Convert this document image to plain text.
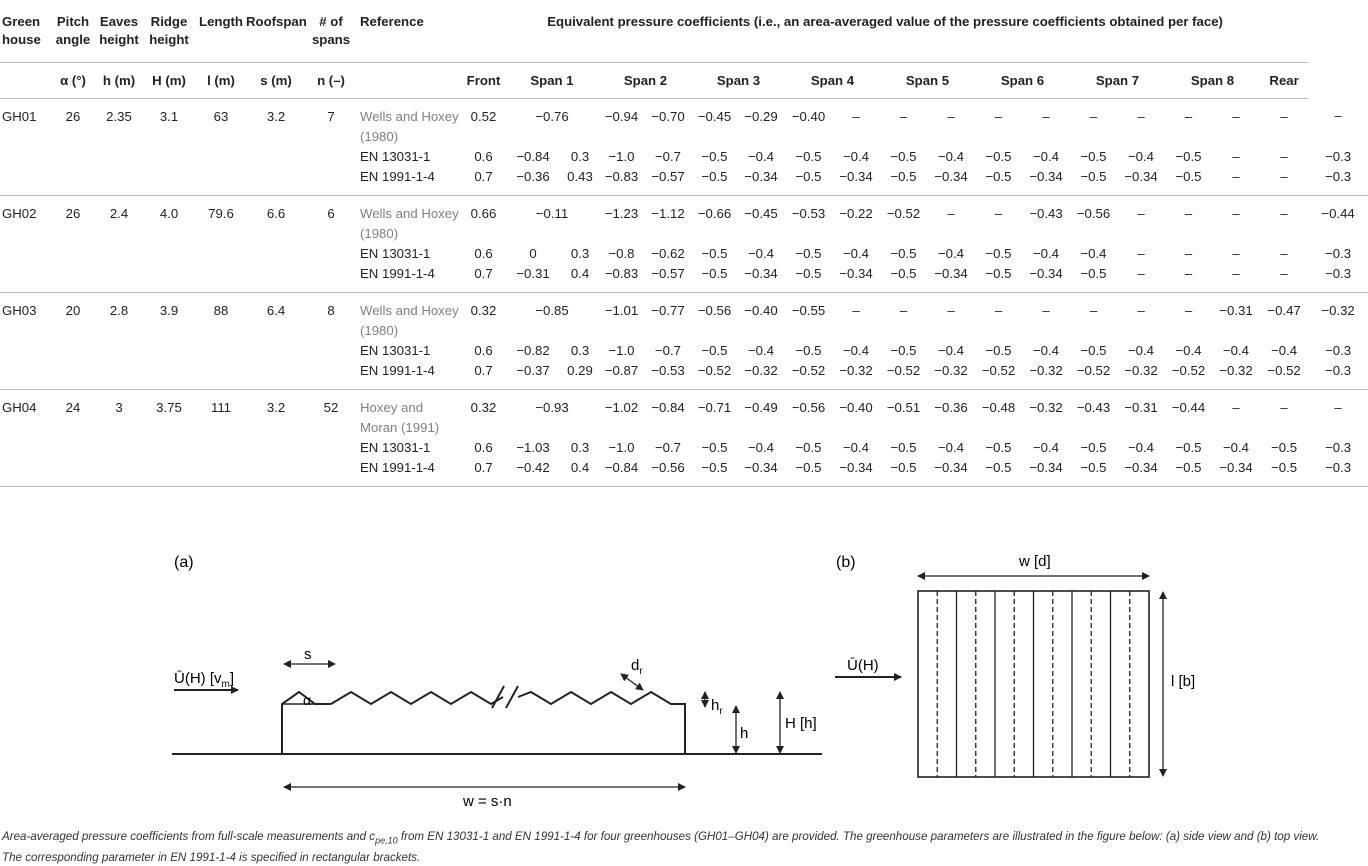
Green house	Pitch angle	Eaves height	Ridge height	Length	Roofspan	# of spans	Reference	Equivalent pressure coefficients (i.e., an area-averaged value of the pressure coefficients obtained per face)																		
	α (°)	h (m)	H (m)	l (m)	s (m)	n (–)		Front	Span 1		Span 2		Span 3		Span 4		Span 5		Span 6		Span 7		Span 8		Rear	
GH01	26	2.35	3.1	63	3.2	7	Wells and Hoxey (1980)	0.52	−0.76		−0.94	−0.70	−0.45	−0.29	−0.40	–	–	–	–	–	–	–	–	–	–	–
							EN 13031-1	0.6	−0.84	0.3	−1.0	−0.7	−0.5	−0.4	−0.5	−0.4	−0.5	−0.4	−0.5	−0.4	−0.5	−0.4	−0.5	–	–	−0.3
							EN 1991-1-4	0.7	−0.36	0.43	−0.83	−0.57	−0.5	−0.34	−0.5	−0.34	−0.5	−0.34	−0.5	−0.34	−0.5	−0.34	−0.5	–	–	−0.3
GH02	26	2.4	4.0	79.6	6.6	6	Wells and Hoxey (1980)	0.66	−0.11		−1.23	−1.12	−0.66	−0.45	−0.53	−0.22	−0.52	–	–	−0.43	−0.56	–	–	–	–	−0.44
							EN 13031-1	0.6	0	0.3	−0.8	−0.62	−0.5	−0.4	−0.5	−0.4	−0.5	−0.4	−0.5	−0.4	−0.4	–	–	–	–	−0.3
							EN 1991-1-4	0.7	−0.31	0.4	−0.83	−0.57	−0.5	−0.34	−0.5	−0.34	−0.5	−0.34	−0.5	−0.34	−0.5	–	–	–	–	−0.3
GH03	20	2.8	3.9	88	6.4	8	Wells and Hoxey (1980)	0.32	−0.85		−1.01	−0.77	−0.56	−0.40	−0.55	–	–	–	–	–	–	–	–	−0.31	−0.47	−0.32
							EN 13031-1	0.6	−0.82	0.3	−1.0	−0.7	−0.5	−0.4	−0.5	−0.4	−0.5	−0.4	−0.5	−0.4	−0.5	−0.4	−0.4	−0.4	−0.4	−0.3
							EN 1991-1-4	0.7	−0.37	0.29	−0.87	−0.53	−0.52	−0.32	−0.52	−0.32	−0.52	−0.32	−0.52	−0.32	−0.52	−0.32	−0.52	−0.32	−0.52	−0.3
GH04	24	3	3.75	111	3.2	52	Hoxey and Moran (1991)	0.32	−0.93		−1.02	−0.84	−0.71	−0.49	−0.56	−0.40	−0.51	−0.36	−0.48	−0.32	−0.43	−0.31	−0.44	–	–	–
							EN 13031-1	0.6	−1.03	0.3	−1.0	−0.7	−0.5	−0.4	−0.5	−0.4	−0.5	−0.4	−0.5	−0.4	−0.5	−0.4	−0.5	−0.4	−0.5	−0.3
							EN 1991-1-4	0.7	−0.42	0.4	−0.84	−0.56	−0.5	−0.34	−0.5	−0.34	−0.5	−0.34	−0.5	−0.34	−0.5	−0.34	−0.5	−0.34	−0.5	−0.3
(a)
Ū(H) $[v_m]$
s
α
$d_r$
$h_r$
h
H [h]
w = s·n
(b)	w [d]
Ū(H)
l [b]
Area-averaged pressure coefficients from full-scale measurements and $c_{pe,10}$ from EN 13031-1 and EN 1991-1-4 for four greenhouses (GH01–GH04) are provided. The greenhouse parameters are illustrated in the figure below: (a) side view and (b) top view. The corresponding parameter in EN 1991-1-4 is specified in rectangular brackets.
